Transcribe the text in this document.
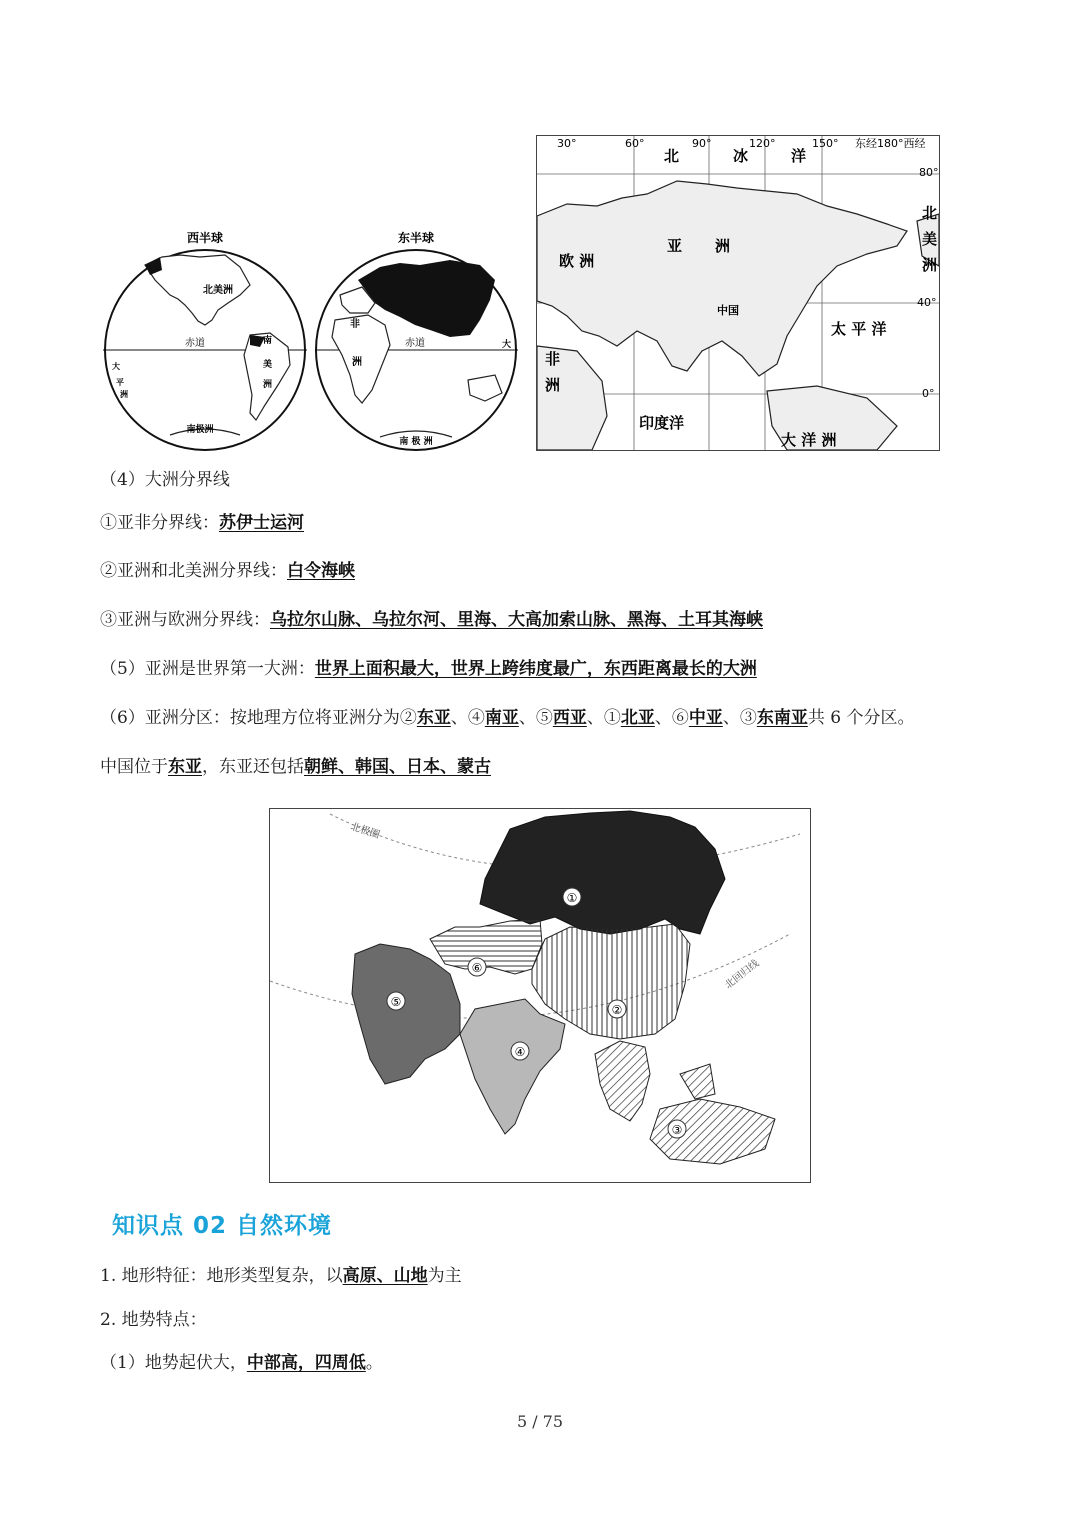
西半球
北美洲
赤道	南
美
洲
大
平
洲
南极洲
东半球
非
洲
赤道	大
南 极 洲
30°	60°	90°	120°	150° 东经180°西经
80°
40°
0°
北	冰	洋
亚 洲
欧 洲
北
美
洲
中国
太 平 洋
非
洲
印度洋
大 洋 洲
（4）大洲分界线
①亚非分界线：苏伊士运河
②亚洲和北美洲分界线：白令海峡
③亚洲与欧洲分界线：乌拉尔山脉、乌拉尔河、里海、大高加索山脉、黑海、土耳其海峡
（5）亚洲是世界第一大洲：世界上面积最大，世界上跨纬度最广，东西距离最长的大洲
（6）亚洲分区：按地理方位将亚洲分为②东亚、④南亚、⑤西亚、①北亚、⑥中亚、③东南亚共 6 个分区。
中国位于东亚，东亚还包括朝鲜、韩国、日本、蒙古
北极圈
北回归线
①
②
③
④
⑤
⑥
知识点 02 自然环境
1. 地形特征：地形类型复杂，以高原、山地为主
2. 地势特点：
（1）地势起伏大，中部高，四周低。
5 / 75
